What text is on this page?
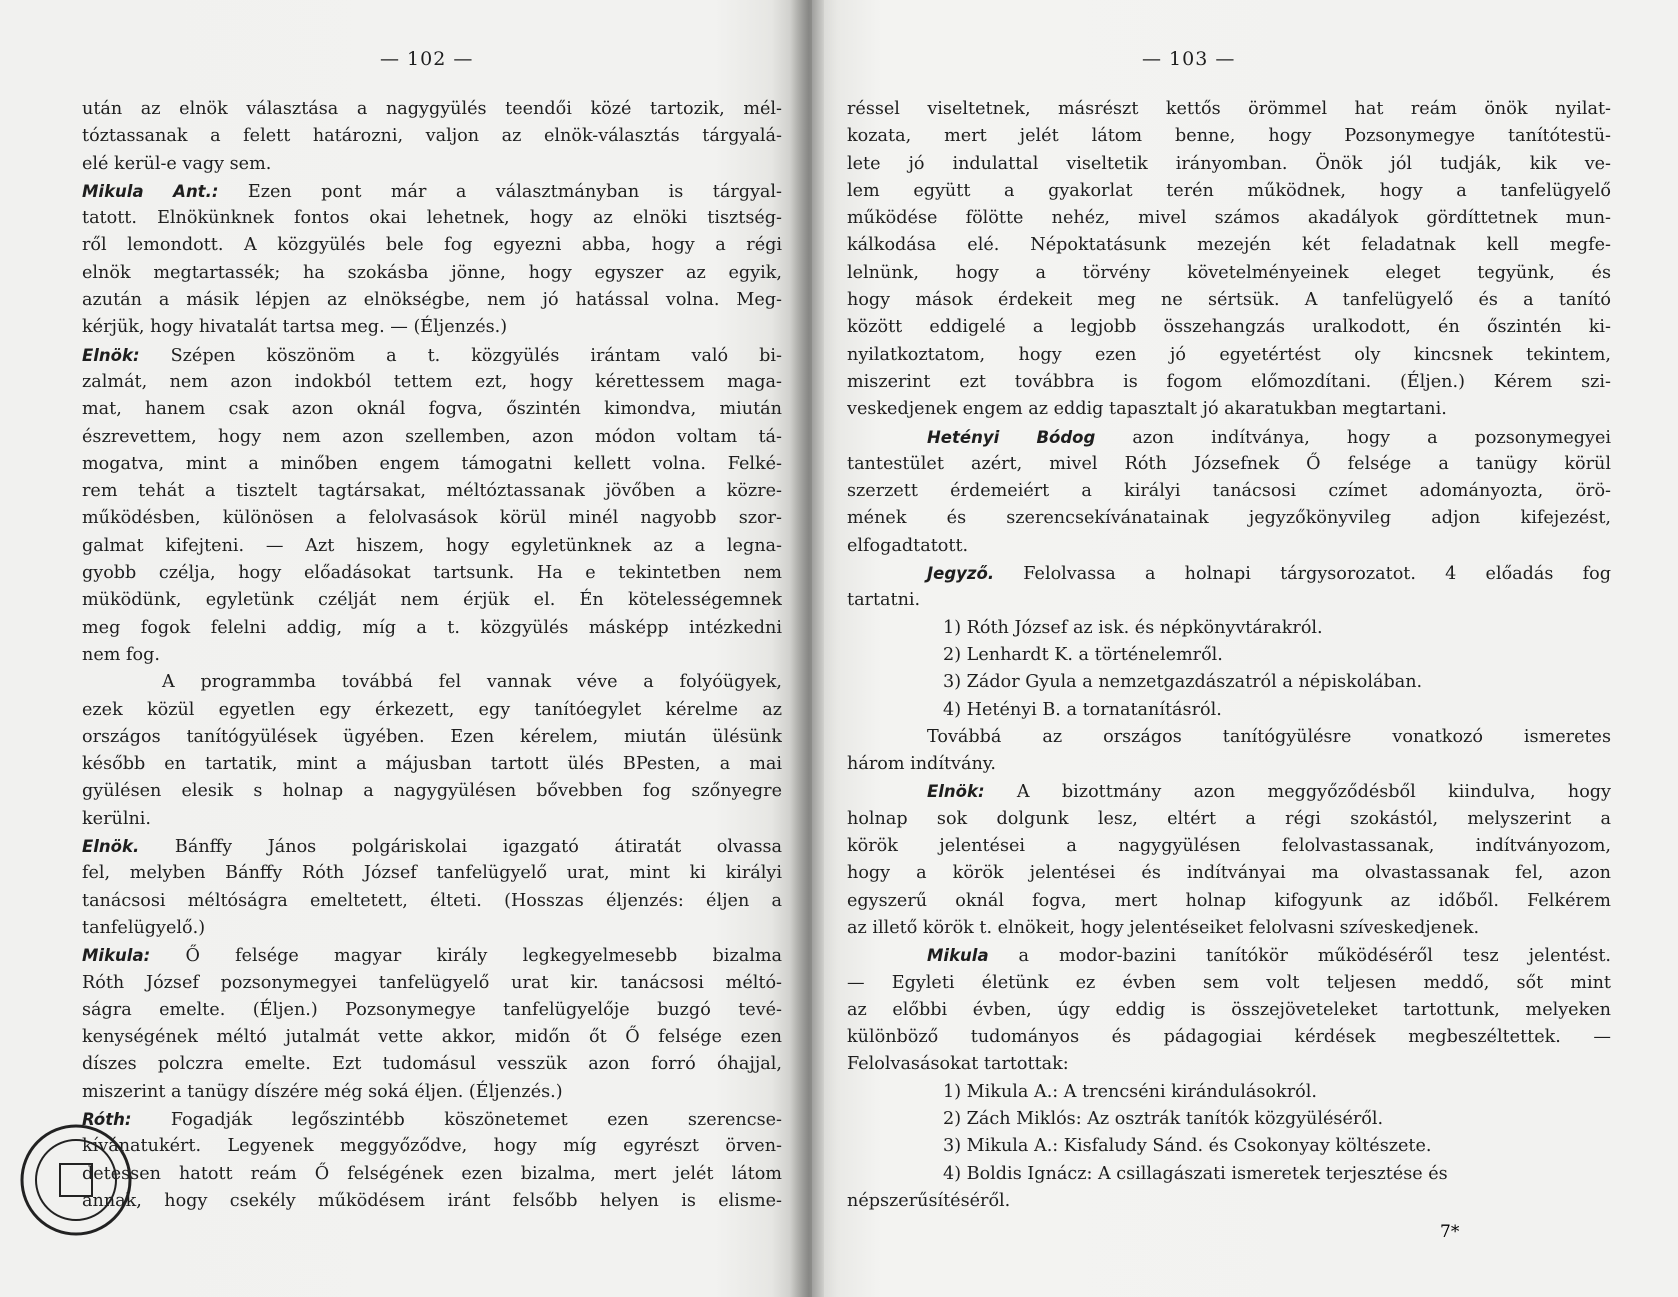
— 102 —
után az elnök választása a nagygyülés teendői közé tartozik, mél-
tóztassanak a felett határozni, valjon az elnök-választás tárgyalá-
elé kerül-e vagy sem.
Mikula Ant.: Ezen pont már a választmányban is tárgyal-
tatott. Elnökünknek fontos okai lehetnek, hogy az elnöki tisztség-
ről lemondott. A közgyülés bele fog egyezni abba, hogy a régi
elnök megtartassék; ha szokásba jönne, hogy egyszer az egyik,
azután a másik lépjen az elnökségbe, nem jó hatással volna. Meg-
kérjük, hogy hivatalát tartsa meg. — (Éljenzés.)
Elnök: Szépen köszönöm a t. közgyülés irántam való bi-
zalmát, nem azon indokból tettem ezt, hogy kérettessem maga-
mat, hanem csak azon oknál fogva, őszintén kimondva, miután
észrevettem, hogy nem azon szellemben, azon módon voltam tá-
mogatva, mint a minőben engem támogatni kellett volna. Felké-
rem tehát a tisztelt tagtársakat, méltóztassanak jövőben a közre-
működésben, különösen a felolvasások körül minél nagyobb szor-
galmat kifejteni. — Azt hiszem, hogy egyletünknek az a legna-
gyobb czélja, hogy előadásokat tartsunk. Ha e tekintetben nem
müködünk, egyletünk czélját nem érjük el. Én kötelességemnek
meg fogok felelni addig, míg a t. közgyülés másképp intézkedni
nem fog.
A programmba továbbá fel vannak véve a folyóügyek,
ezek közül egyetlen egy érkezett, egy tanítóegylet kérelme az
országos tanítógyülések ügyében. Ezen kérelem, miután ülésünk
később en tartatik, mint a májusban tartott ülés BPesten, a mai
gyülésen elesik s holnap a nagygyülésen bővebben fog szőnyegre
kerülni.
Elnök. Bánffy János polgáriskolai igazgató átiratát olvassa
fel, melyben Bánffy Róth József tanfelügyelő urat, mint ki királyi
tanácsosi méltóságra emeltetett, élteti. (Hosszas éljenzés: éljen a
tanfelügyelő.)
Mikula: Ő felsége magyar király legkegyelmesebb bizalma
Róth József pozsonymegyei tanfelügyelő urat kir. tanácsosi méltó-
ságra emelte. (Éljen.) Pozsonymegye tanfelügyelője buzgó tevé-
kenységének méltó jutalmát vette akkor, midőn őt Ő felsége ezen
díszes polczra emelte. Ezt tudomásul vesszük azon forró óhajjal,
miszerint a tanügy díszére még soká éljen. (Éljenzés.)
Róth: Fogadják legőszintébb köszönetemet ezen szerencse-
kívánatukért. Legyenek meggyőződve, hogy míg egyrészt örven-
detessen hatott reám Ő felségének ezen bizalma, mert jelét látom
annak, hogy csekély működésem iránt felsőbb helyen is elisme-
— 103 —
réssel viseltetnek, másrészt kettős örömmel hat reám önök nyilat-
kozata, mert jelét látom benne, hogy Pozsonymegye tanítótestü-
lete jó indulattal viseltetik irányomban. Önök jól tudják, kik ve-
lem együtt a gyakorlat terén működnek, hogy a tanfelügyelő
működése fölötte nehéz, mivel számos akadályok gördíttetnek mun-
kálkodása elé. Népoktatásunk mezején két feladatnak kell megfe-
lelnünk, hogy a törvény követelményeinek eleget tegyünk, és
hogy mások érdekeit meg ne sértsük. A tanfelügyelő és a tanító
között eddigelé a legjobb összehangzás uralkodott, én őszintén ki-
nyilatkoztatom, hogy ezen jó egyetértést oly kincsnek tekintem,
miszerint ezt továbbra is fogom előmozdítani. (Éljen.) Kérem szi-
veskedjenek engem az eddig tapasztalt jó akaratukban megtartani.
Hetényi Bódog azon indítványa, hogy a pozsonymegyei
tantestület azért, mivel Róth Józsefnek Ő felsége a tanügy körül
szerzett érdemeiért a királyi tanácsosi czímet adományozta, örö-
mének és szerencsekívánatainak jegyzőkönyvileg adjon kifejezést,
elfogadtatott.
Jegyző. Felolvassa a holnapi tárgysorozatot. 4 előadás fog
tartatni.
1) Róth József az isk. és népkönyvtárakról.
2) Lenhardt K. a történelemről.
3) Zádor Gyula a nemzetgazdászatról a népiskolában.
4) Hetényi B. a tornatanításról.
Továbbá az országos tanítógyülésre vonatkozó ismeretes
három indítvány.
Elnök: A bizottmány azon meggyőződésből kiindulva, hogy
holnap sok dolgunk lesz, eltért a régi szokástól, melyszerint a
körök jelentései a nagygyülésen felolvastassanak, indítványozom,
hogy a körök jelentései és indítványai ma olvastassanak fel, azon
egyszerű oknál fogva, mert holnap kifogyunk az időből. Felkérem
az illető körök t. elnökeit, hogy jelentéseiket felolvasni szíveskedjenek.
Mikula a modor-bazini tanítókör működéséről tesz jelentést.
— Egyleti életünk ez évben sem volt teljesen meddő, sőt mint
az előbbi évben, úgy eddig is összejöveteleket tartottunk, melyeken
különböző tudományos és pádagogiai kérdések megbeszéltettek. —
Felolvasásokat tartottak:
1) Mikula A.: A trencséni kirándulásokról.
2) Zách Miklós: Az osztrák tanítók közgyüléséről.
3) Mikula A.: Kisfaludy Sánd. és Csokonyay költészete.
4) Boldis Ignácz: A csillagászati ismeretek terjesztése és
népszerűsítéséről.
7*
